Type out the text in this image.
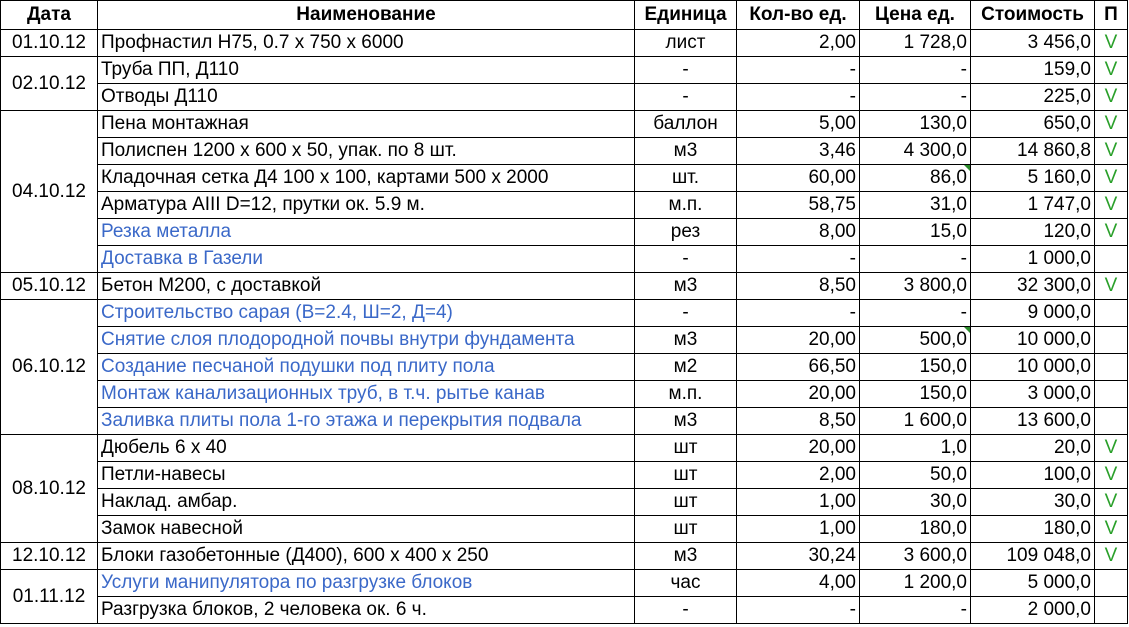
Дата	Наименование	Единица	Кол-во ед.	Цена ед.	Стоимость	П
01.10.12	Профнастил Н75, 0.7 х 750 х 6000	лист	2,00	1 728,0	3 456,0	V
02.10.12	Труба ПП, Д110	-	-	-	159,0	V
	Отводы Д110	-	-	-	225,0	V
04.10.12	Пена монтажная	баллон	5,00	130,0	650,0	V
	Полиспен 1200 х 600 х 50, упак. по 8 шт.	м3	3,46	4 300,0	14 860,8	V
	Кладочная сетка Д4 100 х 100, картами 500 х 2000	шт.	60,00	86,0	5 160,0	V
	Арматура AIII D=12, прутки ок. 5.9 м.	м.п.	58,75	31,0	1 747,0	V
	Резка металла	рез	8,00	15,0	120,0	V
	Доставка в Газели	-	-	-	1 000,0	
05.10.12	Бетон М200, с доставкой	м3	8,50	3 800,0	32 300,0	V
06.10.12	Строительство сарая (В=2.4, Ш=2, Д=4)	-	-	-	9 000,0	
	Снятие слоя плодородной почвы внутри фундамента	м3	20,00	500,0	10 000,0	
	Создание песчаной подушки под плиту пола	м2	66,50	150,0	10 000,0	
	Монтаж канализационных труб, в т.ч. рытье канав	м.п.	20,00	150,0	3 000,0	
	Заливка плиты пола 1-го этажа и перекрытия подвала	м3	8,50	1 600,0	13 600,0	
08.10.12	Дюбель 6 х 40	шт	20,00	1,0	20,0	V
	Петли-навесы	шт	2,00	50,0	100,0	V
	Наклад. амбар.	шт	1,00	30,0	30,0	V
	Замок навесной	шт	1,00	180,0	180,0	V
12.10.12	Блоки газобетонные (Д400), 600 х 400 х 250	м3	30,24	3 600,0	109 048,0	V
01.11.12	Услуги манипулятора по разгрузке блоков	час	4,00	1 200,0	5 000,0	
	Разгрузка блоков, 2 человека ок. 6 ч.	-	-	-	2 000,0	
